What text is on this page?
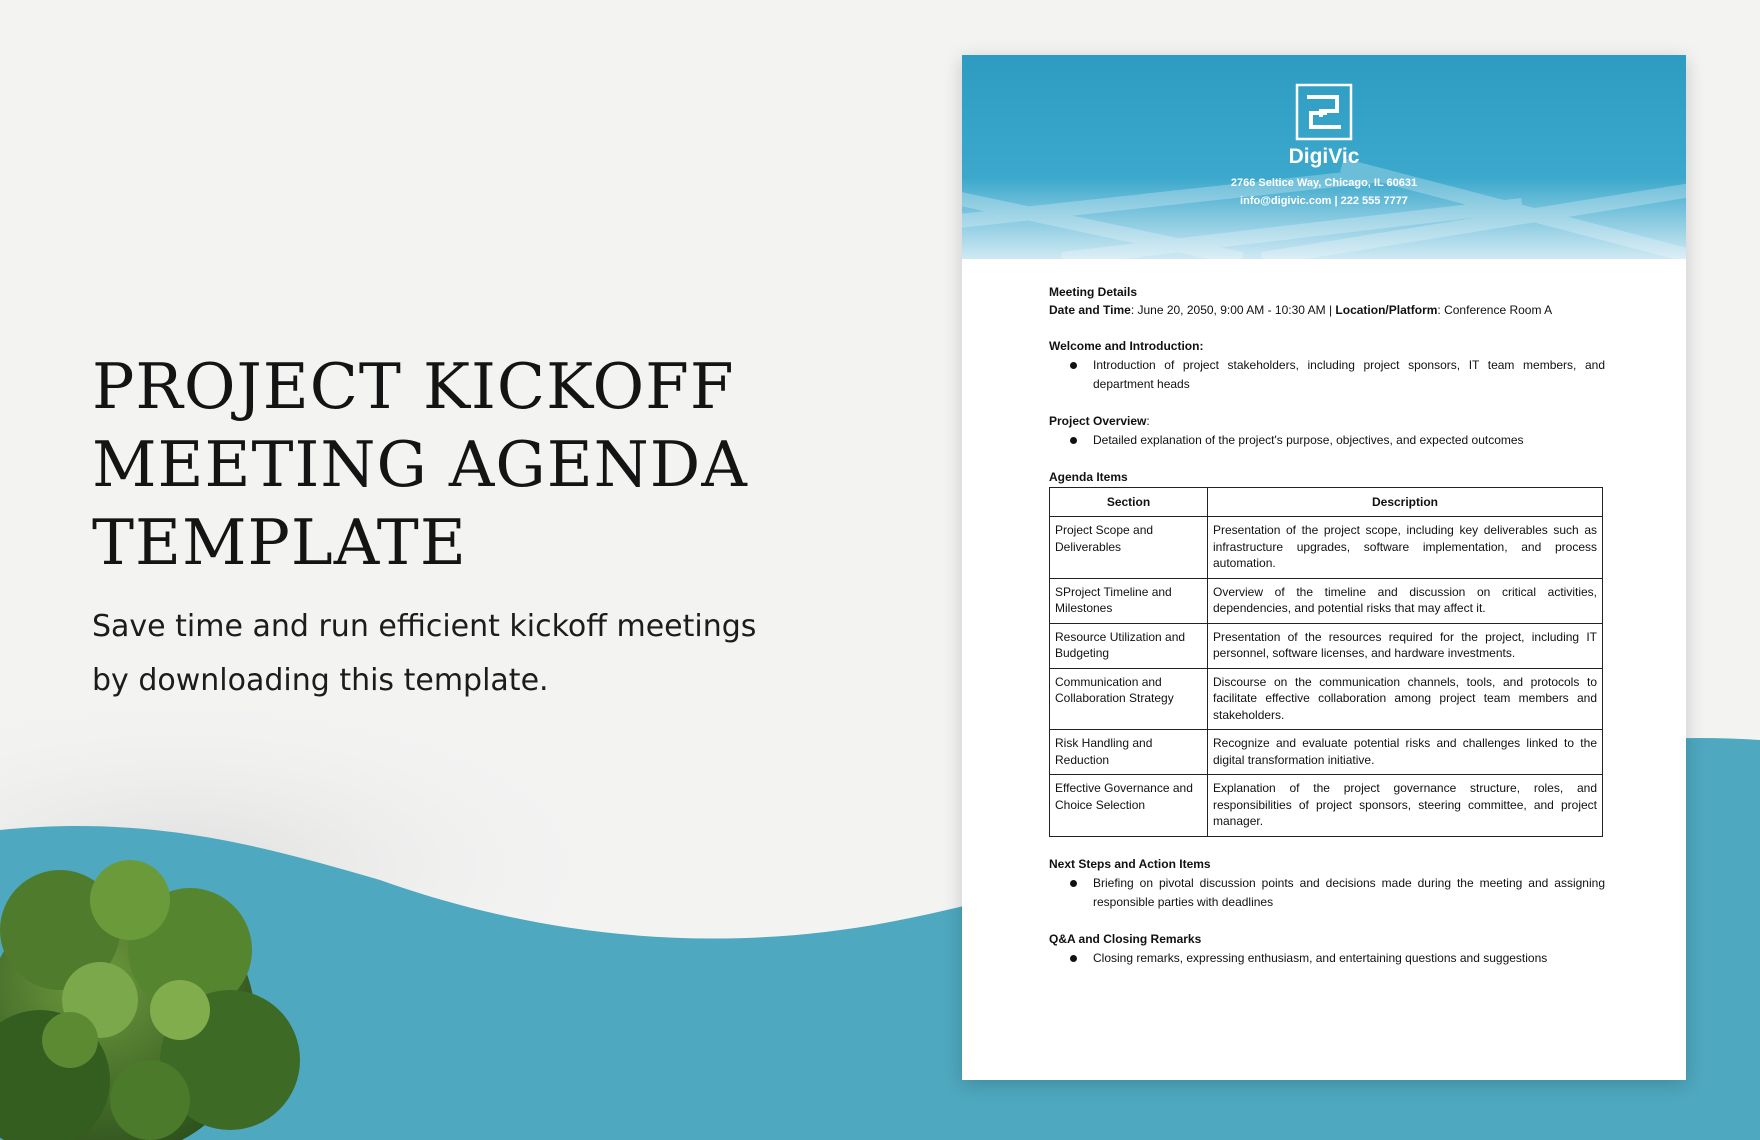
PROJECT KICKOFF
MEETING AGENDA
TEMPLATE

Save time and run efficient kickoff meetings
by downloading this template.

DigiVic
2766 Seltice Way, Chicago, IL 60631
info@digivic.com | 222 555 7777
Meeting Details
Date and Time: June 20, 2050, 9:00 AM - 10:30 AM | Location/Platform: Conference Room A
Welcome and Introduction:
Introduction of project stakeholders, including project sponsors, IT team members, and department heads
Project Overview:
Detailed explanation of the project's purpose, objectives, and expected outcomes
Agenda Items
Section	Description
Project Scope and Deliverables	Presentation of the project scope, including key deliverables such as infrastructure upgrades, software implementation, and process automation.
SProject Timeline and Milestones	Overview of the timeline and discussion on critical activities, dependencies, and potential risks that may affect it.
Resource Utilization and Budgeting	Presentation of the resources required for the project, including IT personnel, software licenses, and hardware investments.
Communication and Collaboration Strategy	Discourse on the communication channels, tools, and protocols to facilitate effective collaboration among project team members and stakeholders.
Risk Handling and Reduction	Recognize and evaluate potential risks and challenges linked to the digital transformation initiative.
Effective Governance and Choice Selection	Explanation of the project governance structure, roles, and responsibilities of project sponsors, steering committee, and project manager.
Next Steps and Action Items
Briefing on pivotal discussion points and decisions made during the meeting and assigning responsible parties with deadlines
Q&A and Closing Remarks
Closing remarks, expressing enthusiasm, and entertaining questions and suggestions
